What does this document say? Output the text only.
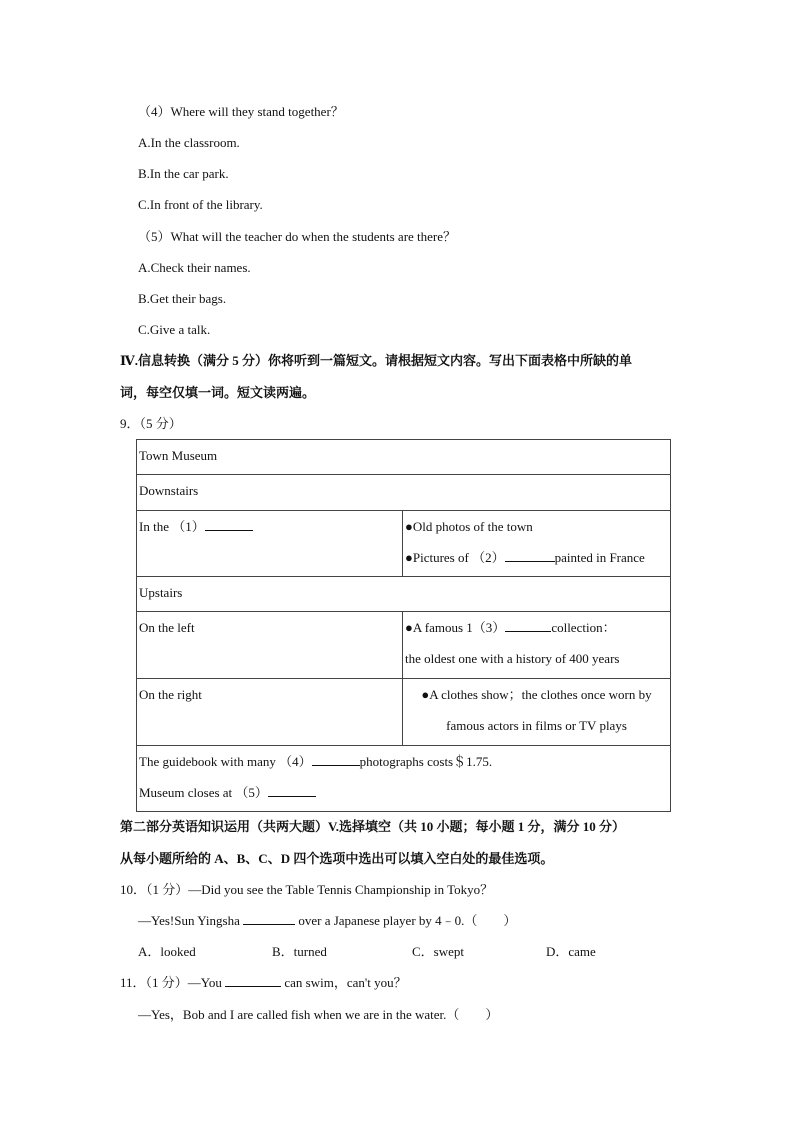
（4）Where will they stand together？
A.In the classroom.
B.In the car park.
C.In front of the library.
（5）What will the teacher do when the students are there？
A.Check their names.
B.Get their bags.
C.Give a talk.
Ⅳ.信息转换（满分 5 分）你将听到一篇短文。请根据短文内容。写出下面表格中所缺的单
词，每空仅填一词。短文读两遍。
9．（5 分）
Town Museum	

Downstairs	

In the （1）	●Old photos of the town
●Pictures of （2） painted in France

Upstairs	

On the left	●A famous 1（3） collection：
the oldest one with a history of 400 years

On the right	●A clothes show；the clothes once worn by
famous actors in films or TV plays

The guidebook with many （4） photographs costs＄1.75.
Museum closes at （5）	
第二部分英语知识运用（共两大题）V.选择填空（共 10 小题；每小题 1 分，满分 10 分）
从每小题所给的 A、B、C、D 四个选项中选出可以填入空白处的最佳选项。
10．（1 分）—Did you see the Table Tennis Championship in Tokyo？
—Yes!Sun Yingsha	over a Japanese player by 4﹣0.（　　）
A．looked	B．turned	C．swept	D．came
11．（1 分）—You	can swim，can't you？
—Yes，Bob and I are called fish when we are in the water.（　　）
